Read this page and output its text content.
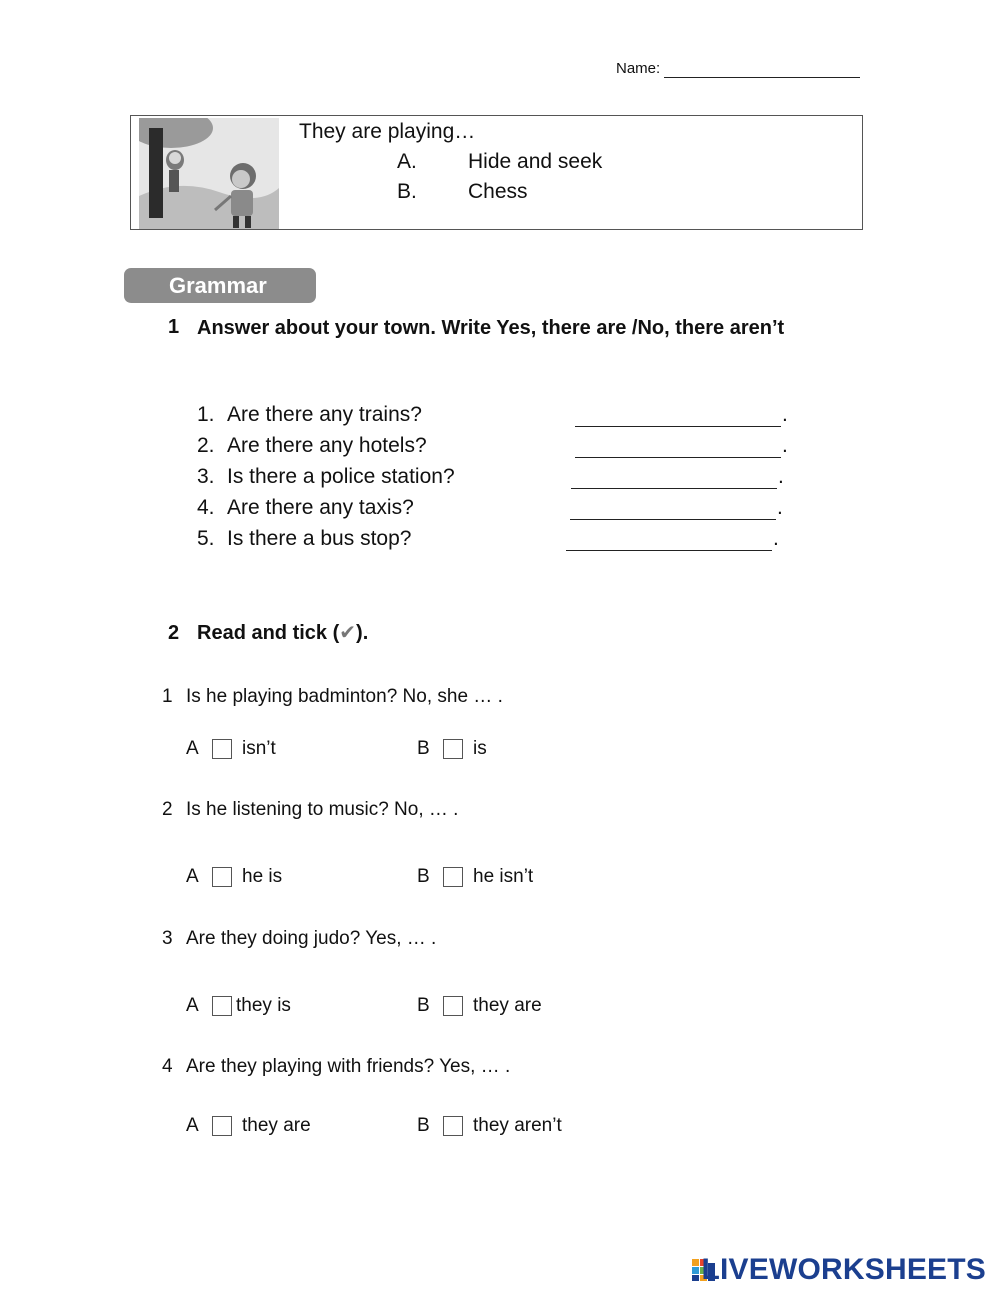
Name:
They are playing…
A. Hide and seek
B. Chess
Grammar
1 Answer about your town. Write Yes, there are /No, there aren’t
1. Are there any trains?	.
2. Are there any hotels?	.
3. Is there a police station?	.
4. Are there any taxis?	.
5. Is there a bus stop?	.
2 Read and tick (✔).
1 Is he playing badminton? No, she … .
A isn’t	B is
2 Is he listening to music? No, … .
A he is	B he isn’t
3 Are they doing judo? Yes, … .
A they is	B they are
4 Are they playing with friends? Yes, … .
A they are	B they aren’t
LIVEWORKSHEETS
